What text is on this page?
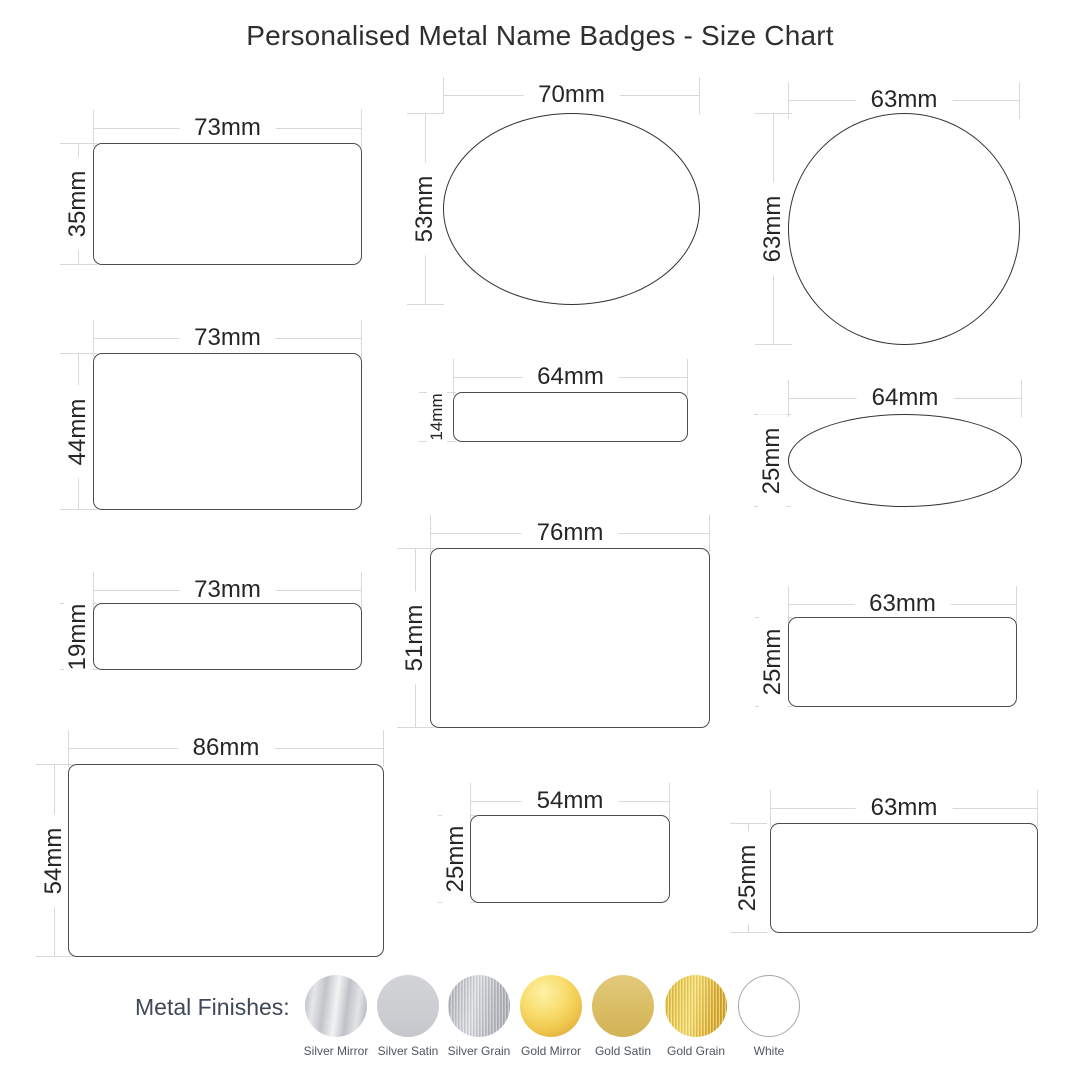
Personalised Metal Name Badges - Size Chart
73mm
35mm
70mm
53mm
63mm
63mm
73mm
44mm
64mm
14mm	64mm
25mm
73mm
19mm
76mm
51mm
63mm
25mm
86mm
54mm
54mm
25mm
63mm
25mm
Metal Finishes:
Silver Mirror Silver Satin Silver Grain Gold Mirror Gold Satin Gold Grain White
